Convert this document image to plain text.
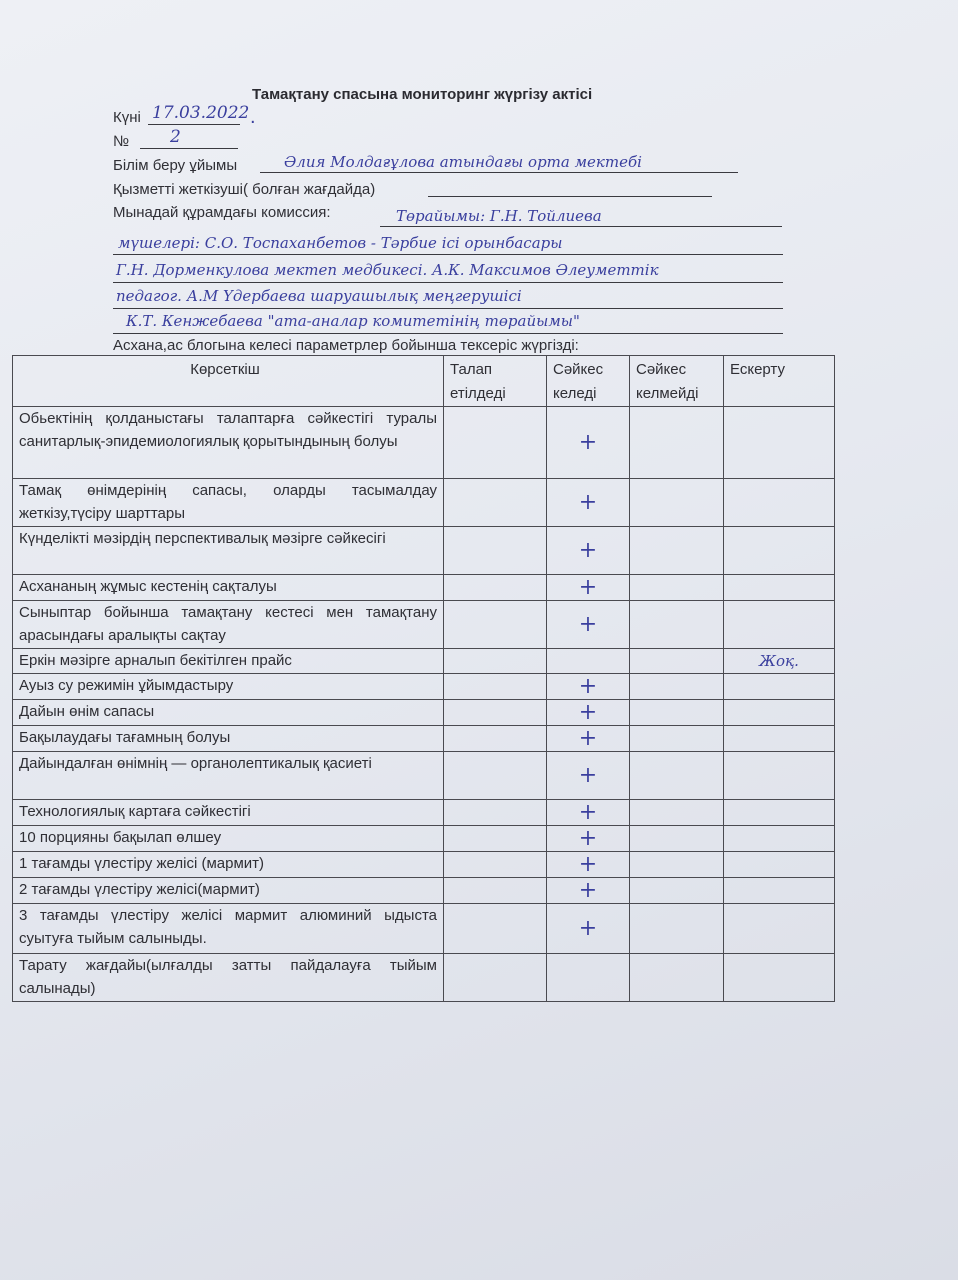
Тамақтану спасына мониторинг жүргізу актісі
Күні 17.03.2022 .
№ 2
Білім беру ұйымы	Әлия Молдағұлова атындағы орта мектебі
Қызметті жеткізуші( болған жағдайда)
Мынадай құрамдағы комиссия:	Төрайымы: Г.Н. Тойлиева
мүшелері: С.О. Тоспаханбетов - Тәрбие ісі орынбасары
Г.Н. Дорменкулова мектеп медбикесі. А.К. Максимов Әлеуметтік
педагог. А.М Үдербаева шаруашылық меңгерушісі
К.Т. Кенжебаева "ата-аналар комитетінің төрайымы"
Асхана,ас блогына келесі параметрлер бойынша тексеріс жүргізді:
Көрсеткіш	Талап етілдеді	Сәйкес келеді	Сәйкес келмейді	Ескерту
Обьектінің қолданыстағы талаптарға сәйкестігі туралы санитарлық-эпидемиологиялық қорытындының болуы		+		
Тамақ өнімдерінің сапасы, оларды тасымалдау жеткізу,түсіру шарттары		+		
Күнделікті мәзірдің перспективалық мәзірге сәйкесігі		+		
Асхананың жұмыс кестенің сақталуы		+		
Сыныптар бойынша тамақтану кестесі мен тамақтану арасындағы аралықты сақтау		+		
Еркін мәзірге арналып бекітілген прайс				Жоқ.
Ауыз су режимін ұйымдастыру		+		
Дайын өнім сапасы		+		
Бақылаудағы тағамның болуы		+		
Дайындалған өнімнің — органолептикалық қасиеті		+		
Технологиялық картаға сәйкестігі		+		
10 порцияны бақылап өлшеу		+		
1 тағамды үлестіру желісі (мармит)		+		
2 тағамды үлестіру желісі(мармит)		+		
3 тағамды үлестіру желісі мармит алюминий ыдыста суытуға тыйым салыныды.		+		
Тарату жағдайы(ылғалды затты пайдалауға тыйым салынады)				
